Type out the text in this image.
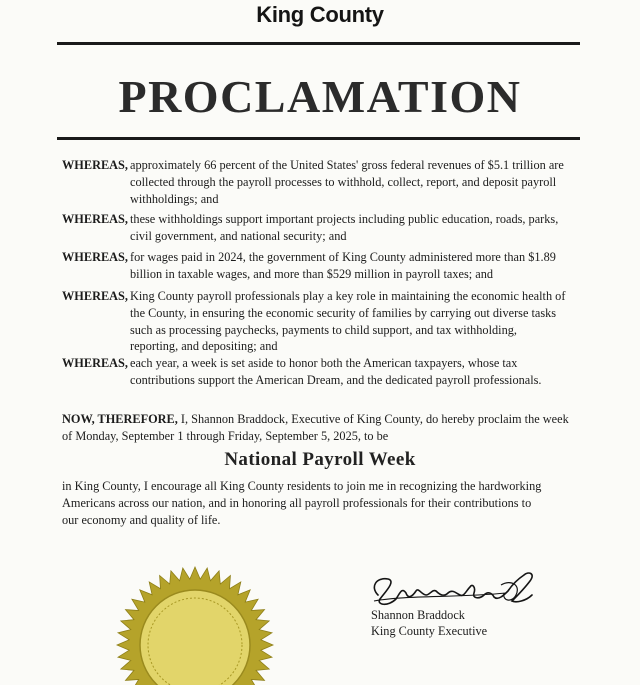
King County
PROCLAMATION
WHEREAS, approximately 66 percent of the United States' gross federal revenues of $5.1 trillion are collected through the payroll processes to withhold, collect, report, and deposit payroll withholdings; and
WHEREAS, these withholdings support important projects including public education, roads, parks, civil government, and national security; and
WHEREAS, for wages paid in 2024, the government of King County administered more than $1.89 billion in taxable wages, and more than $529 million in payroll taxes; and
WHEREAS, King County payroll professionals play a key role in maintaining the economic health of the County, in ensuring the economic security of families by carrying out diverse tasks such as processing paychecks, payments to child support, and tax withholding, reporting, and depositing; and
WHEREAS, each year, a week is set aside to honor both the American taxpayers, whose tax contributions support the American Dream, and the dedicated payroll professionals.
NOW, THEREFORE, I, Shannon Braddock, Executive of King County, do hereby proclaim the week of Monday, September 1 through Friday, September 5, 2025, to be
National Payroll Week
in King County, I encourage all King County residents to join me in recognizing the hardworking Americans across our nation, and in honoring all payroll professionals for their contributions to our economy and quality of life.
Shannon Braddock
King County Executive
